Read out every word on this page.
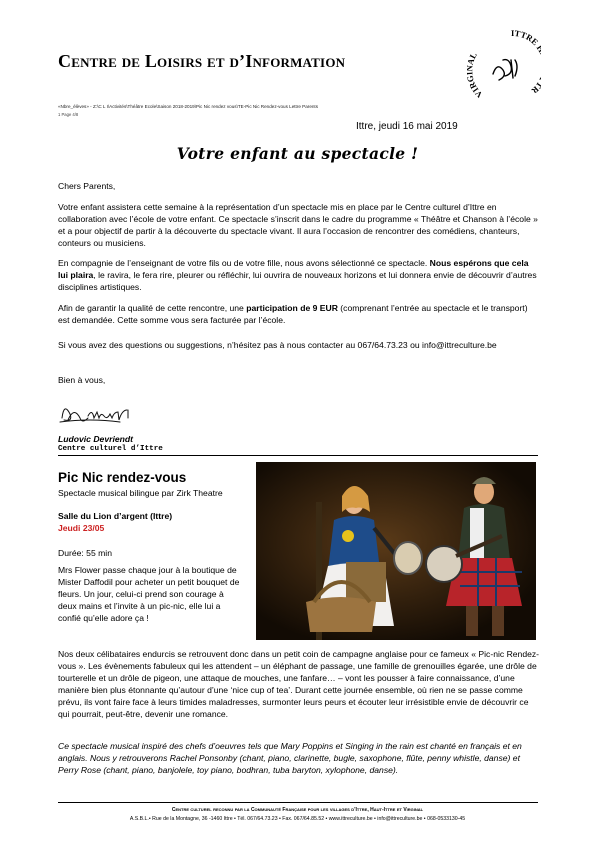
Centre de Loisirs et d’Information
VIR L
ITTRE R
«Nbre_élèves» - Z:\C L I\Activités\Théâtre Ecole\Saison 2018-2019\Pic Nic rendez vous\TE-Pic Nic Rendez-vous Lettre Parents
1 Page 4/8
Ittre, jeudi 16 mai 2019
Votre enfant au spectacle !
Chers Parents,
Votre enfant assistera cette semaine à la représentation d’un spectacle mis en place par le Centre culturel d’Ittre en collaboration avec l’école de votre enfant. Ce spectacle s’inscrit dans le cadre du programme « Théâtre et Chanson à l’école » et a pour objectif de partir à la découverte du spectacle vivant. Il aura l’occasion de rencontrer des comédiens, chanteurs, conteurs ou musiciens.
En compagnie de l’enseignant de votre fils ou de votre fille, nous avons sélectionné ce spectacle. Nous espérons que cela lui plaira, le ravira, le fera rire, pleurer ou réfléchir, lui ouvrira de nouveaux horizons et lui donnera envie de découvrir d’autres disciplines artistiques.
Afin de garantir la qualité de cette rencontre, une participation de 9 EUR (comprenant l’entrée au spectacle et le transport) est demandée. Cette somme vous sera facturée par l’école.
Si vous avez des questions ou suggestions, n’hésitez pas à nous contacter au 067/64.73.23 ou info@ittreculture.be
Bien à vous,
Ludovic Devriendt
Centre culturel d’Ittre
Pic Nic rendez-vous
Spectacle musical bilingue par Zirk Theatre
Salle du Lion d’argent (Ittre)
Jeudi 23/05
Durée: 55 min
Mrs Flower passe chaque jour à la boutique de Mister Daffodil pour acheter un petit bouquet de fleurs. Un jour, celui-ci prend son courage à deux mains et l’invite à un pic-nic, elle lui a confié qu’elle adore ça !
Nos deux célibataires endurcis se retrouvent donc dans un petit coin de campagne anglaise pour ce fameux « Pic-nic Rendez-vous ». Les évènements fabuleux qui les attendent – un éléphant de passage, une famille de grenouilles égarée, une drôle de tourterelle et un drôle de pigeon, une attaque de mouches, une fanfare… – vont les pousser à faire connaissance, d’une manière bien plus étonnante qu’autour d’une ‘nice cup of tea’. Durant cette journée ensemble, où rien ne se passe comme prévu, ils vont faire face à leurs timides maladresses, surmonter leurs peurs et écouter leur irrésistible envie de découvrir ce qui pourrait, peut-être, devenir une romance.
Ce spectacle musical inspiré des chefs d’oeuvres tels que Mary Poppins et Singing in the rain est chanté en français et en anglais. Nous y retrouverons Rachel Ponsonby (chant, piano, clarinette, bugle, saxophone, flûte, penny whistle, danse) et Perry Rose (chant, piano, banjolele, toy piano, bodhran, tuba baryton, xylophone, danse).
Centre culturel reconnu par la Communauté Française pour les villages d’Ittre, Haut-Ittre et Virginal
A.S.B.L.• Rue de la Montagne, 36 -1460 Ittre • Tél. 067/64.73.23 • Fax. 067/64.85.52 • www.ittreculture.be • info@ittreculture.be • 068-0533130-45
